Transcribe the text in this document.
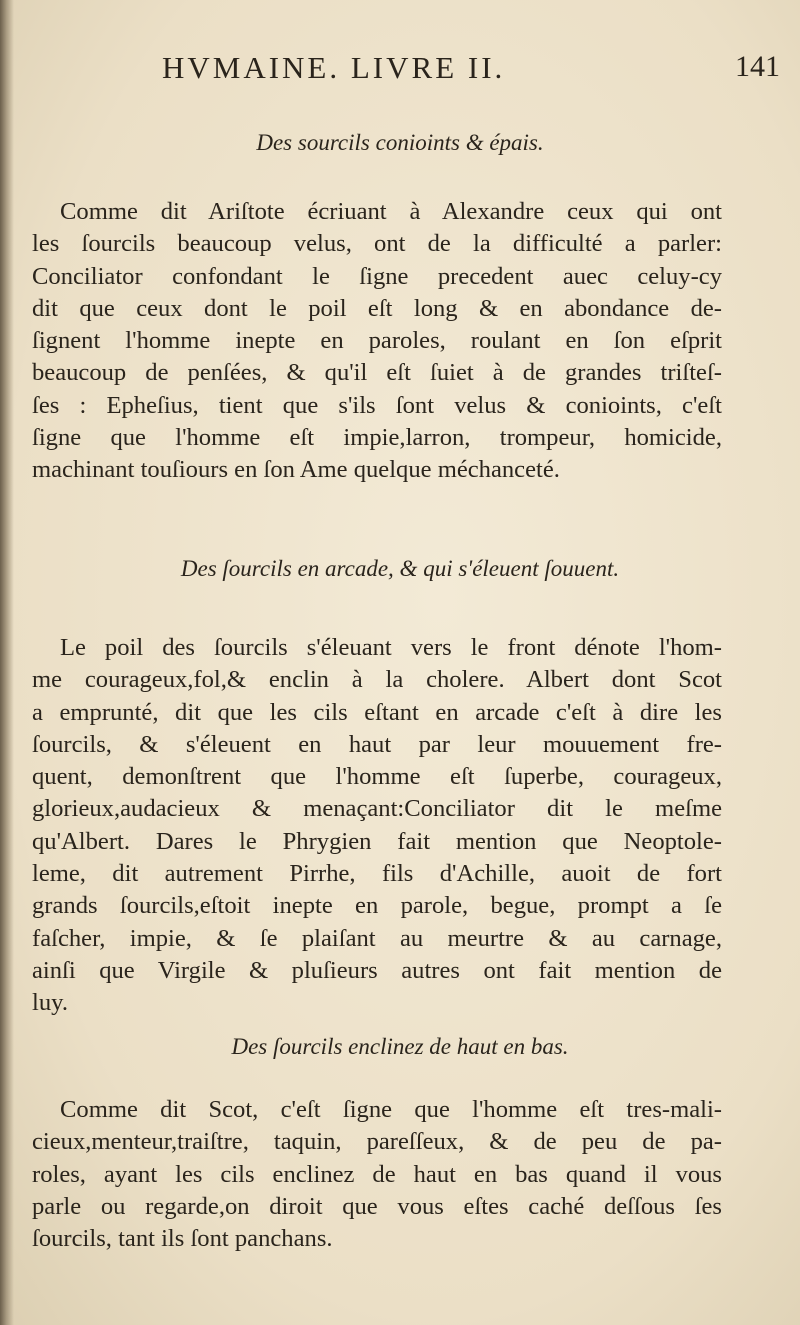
HVMAINE. LIVRE II.	141
Des sourcils conioints & épais.
Comme dit Ariſtote écriuant à Alexandre ceux qui ont
les ſourcils beaucoup velus, ont de la difficulté a parler:
Conciliator confondant le ſigne precedent auec celuy-cy
dit que ceux dont le poil eſt long & en abondance de-
ſignent l'homme inepte en paroles, roulant en ſon eſprit
beaucoup de penſées, & qu'il eſt ſuiet à de grandes triſteſ-
ſes : Epheſius, tient que s'ils ſont velus & conioints, c'eſt
ſigne que l'homme eſt impie,larron, trompeur, homicide,
machinant touſiours en ſon Ame quelque méchanceté.
Des ſourcils en arcade, & qui s'éleuent ſouuent.
Le poil des ſourcils s'éleuant vers le front dénote l'hom-
me courageux,fol,& enclin à la cholere. Albert dont Scot
a emprunté, dit que les cils eſtant en arcade c'eſt à dire les
ſourcils, & s'éleuent en haut par leur mouuement fre-
quent, demonſtrent que l'homme eſt ſuperbe, courageux,
glorieux,audacieux & menaçant:Conciliator dit le meſme
qu'Albert. Dares le Phrygien fait mention que Neoptole-
leme, dit autrement Pirrhe, fils d'Achille, auoit de fort
grands ſourcils,eſtoit inepte en parole, begue, prompt a ſe
faſcher, impie, & ſe plaiſant au meurtre & au carnage,
ainſi que Virgile & pluſieurs autres ont fait mention de
luy.
Des ſourcils enclinez de haut en bas.
Comme dit Scot, c'eſt ſigne que l'homme eſt tres-mali-
cieux,menteur,traiſtre, taquin, pareſſeux, & de peu de pa-
roles, ayant les cils enclinez de haut en bas quand il vous
parle ou regarde,on diroit que vous eſtes caché deſſous ſes
ſourcils, tant ils ſont panchans.
